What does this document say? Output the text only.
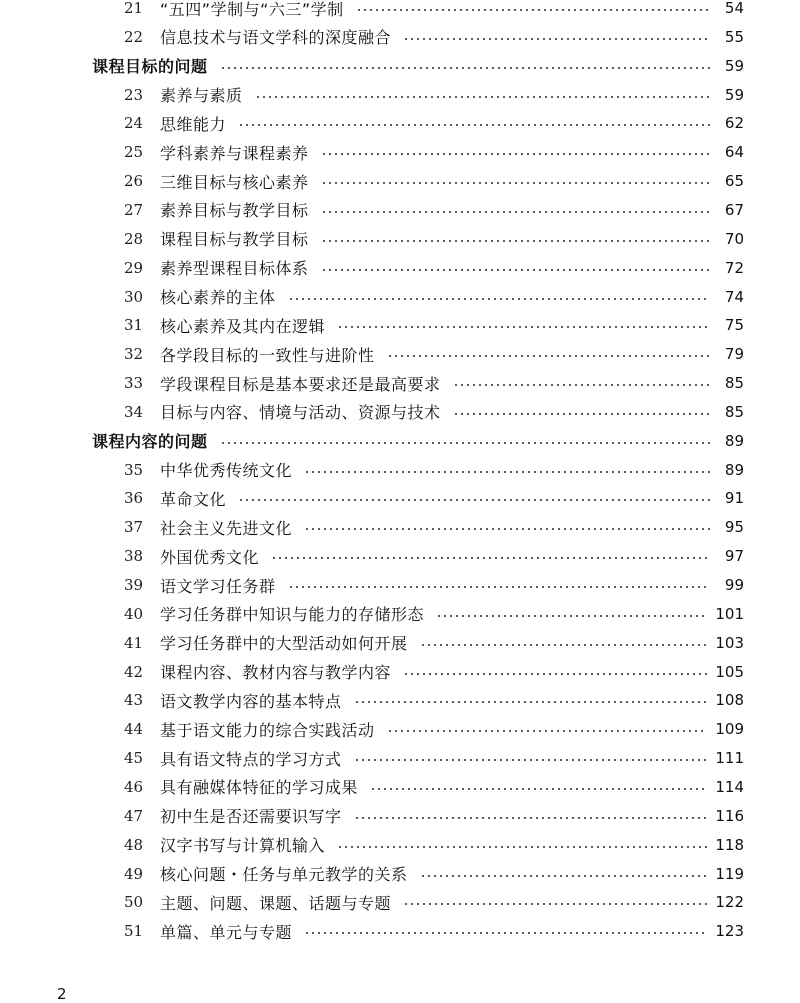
21	“五四”学制与“六三”学制	54
22	信息技术与语文学科的深度融合	55
课程目标的问题	59
23	素养与素质	59
24	思维能力	62
25	学科素养与课程素养	64
26	三维目标与核心素养	65
27	素养目标与教学目标	67
28	课程目标与教学目标	70
29	素养型课程目标体系	72
30	核心素养的主体	74
31	核心素养及其内在逻辑	75
32	各学段目标的一致性与进阶性	79
33	学段课程目标是基本要求还是最高要求	85
34	目标与内容、情境与活动、资源与技术	85
课程内容的问题	89
35	中华优秀传统文化	89
36	革命文化	91
37	社会主义先进文化	95
38	外国优秀文化	97
39	语文学习任务群	99
40	学习任务群中知识与能力的存储形态	101
41	学习任务群中的大型活动如何开展	103
42	课程内容、教材内容与教学内容	105
43	语文教学内容的基本特点	108
44	基于语文能力的综合实践活动	109
45	具有语文特点的学习方式	111
46	具有融媒体特征的学习成果	114
47	初中生是否还需要识写字	116
48	汉字书写与计算机输入	118
49	核心问题・任务与单元教学的关系	119
50	主题、问题、课题、话题与专题	122
51	单篇、单元与专题	123
2
